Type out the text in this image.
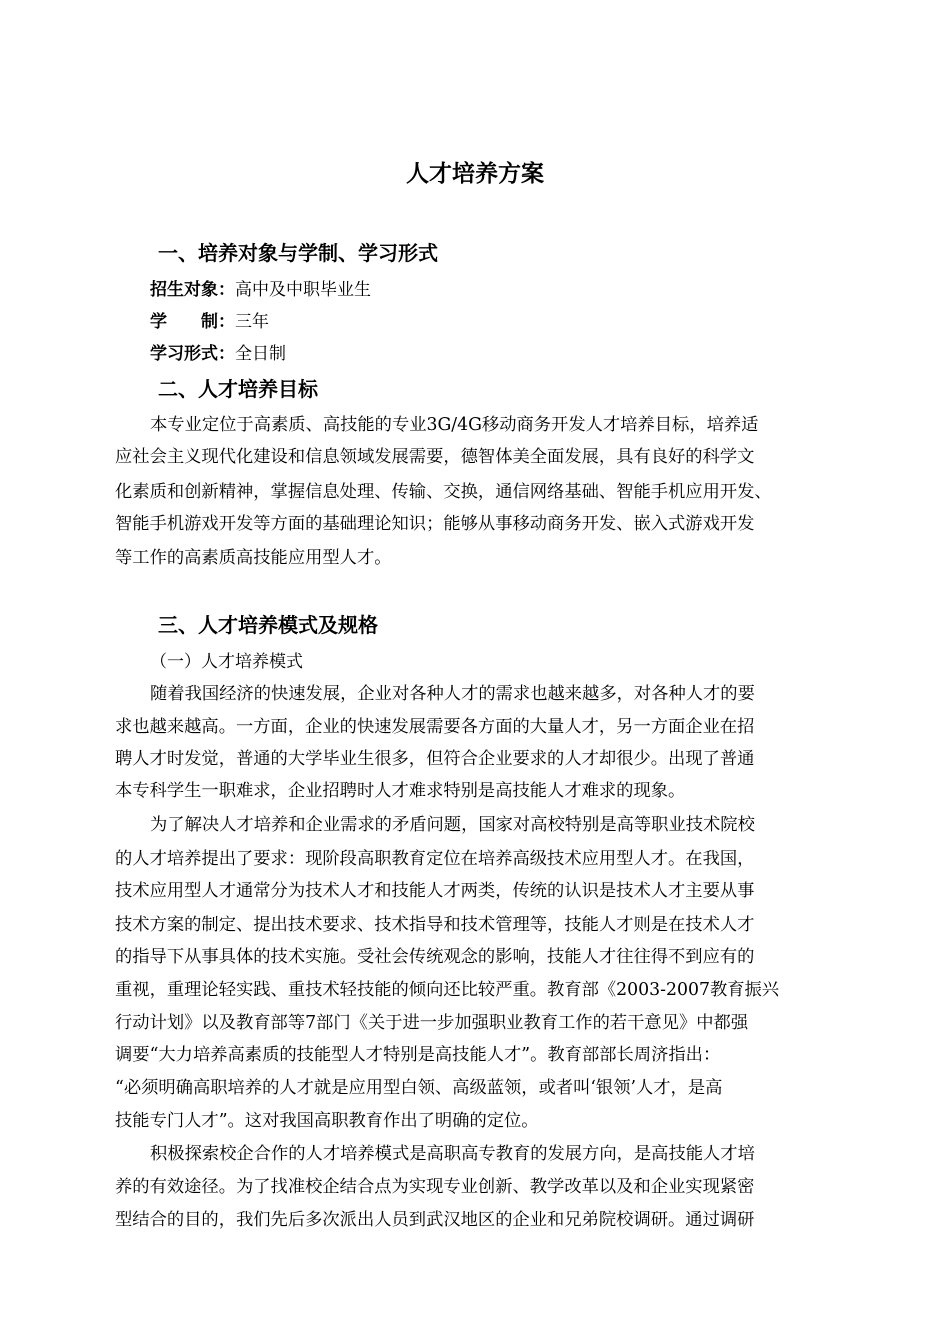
人才培养方案
一、培养对象与学制、学习形式
招生对象：高中及中职毕业生
学　　制：三年
学习形式：全日制
二、人才培养目标
本专业定位于高素质、高技能的专业3G/4G移动商务开发人才培养目标，培养适
应社会主义现代化建设和信息领域发展需要，德智体美全面发展，具有良好的科学文
化素质和创新精神，掌握信息处理、传输、交换，通信网络基础、智能手机应用开发、
智能手机游戏开发等方面的基础理论知识；能够从事移动商务开发、嵌入式游戏开发
等工作的高素质高技能应用型人才。
三、人才培养模式及规格
（一）人才培养模式
随着我国经济的快速发展，企业对各种人才的需求也越来越多，对各种人才的要
求也越来越高。一方面，企业的快速发展需要各方面的大量人才，另一方面企业在招
聘人才时发觉，普通的大学毕业生很多，但符合企业要求的人才却很少。出现了普通
本专科学生一职难求，企业招聘时人才难求特别是高技能人才难求的现象。
为了解决人才培养和企业需求的矛盾问题，国家对高校特别是高等职业技术院校
的人才培养提出了要求：现阶段高职教育定位在培养高级技术应用型人才。在我国，
技术应用型人才通常分为技术人才和技能人才两类，传统的认识是技术人才主要从事
技术方案的制定、提出技术要求、技术指导和技术管理等，技能人才则是在技术人才
的指导下从事具体的技术实施。受社会传统观念的影响，技能人才往往得不到应有的
重视，重理论轻实践、重技术轻技能的倾向还比较严重。教育部《2003-2007教育振兴
行动计划》以及教育部等7部门《关于进一步加强职业教育工作的若干意见》中都强
调要“大力培养高素质的技能型人才特别是高技能人才”。教育部部长周济指出：
“必须明确高职培养的人才就是应用型白领、高级蓝领，或者叫‘银领’人才，是高
技能专门人才”。这对我国高职教育作出了明确的定位。
积极探索校企合作的人才培养模式是高职高专教育的发展方向，是高技能人才培
养的有效途径。为了找准校企结合点为实现专业创新、教学改革以及和企业实现紧密
型结合的目的，我们先后多次派出人员到武汉地区的企业和兄弟院校调研。通过调研
